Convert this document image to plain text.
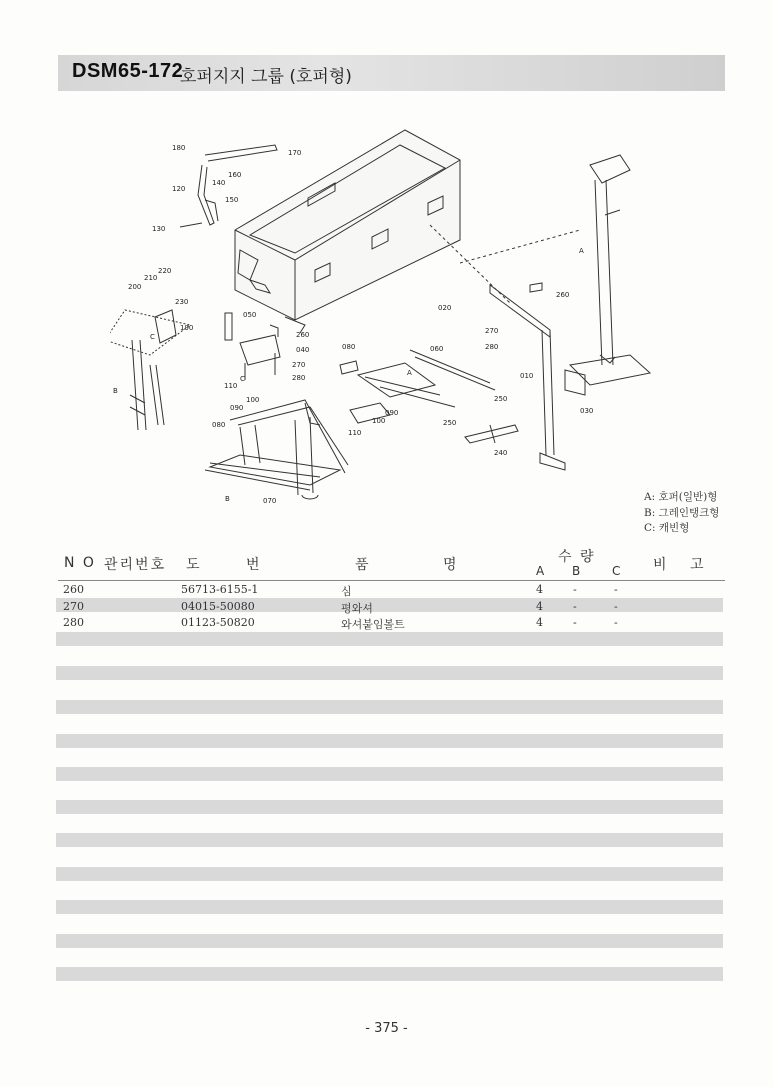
DSM65-172
호퍼지지 그룹 (호퍼형)
180
170
160
140
150
120
130
220
210
200
230
190
050
260
040
270
280
110
100
090
080
070
020
080	060
090
100
110
250
250
240
010
030
260
270
280
A
A
B
B
C
C
A: 호퍼(일반)형
B: 그레인탱크형
C: 캐빈형
N O 관리번호 도	번	품	명	수 량
A B	C 비 고
260	56713-6155-1	심	4	-	-
270	04015-50080	평와셔	4	-	-
280	01123-50820	와셔붙임볼트	4	-	-
- 375 -
